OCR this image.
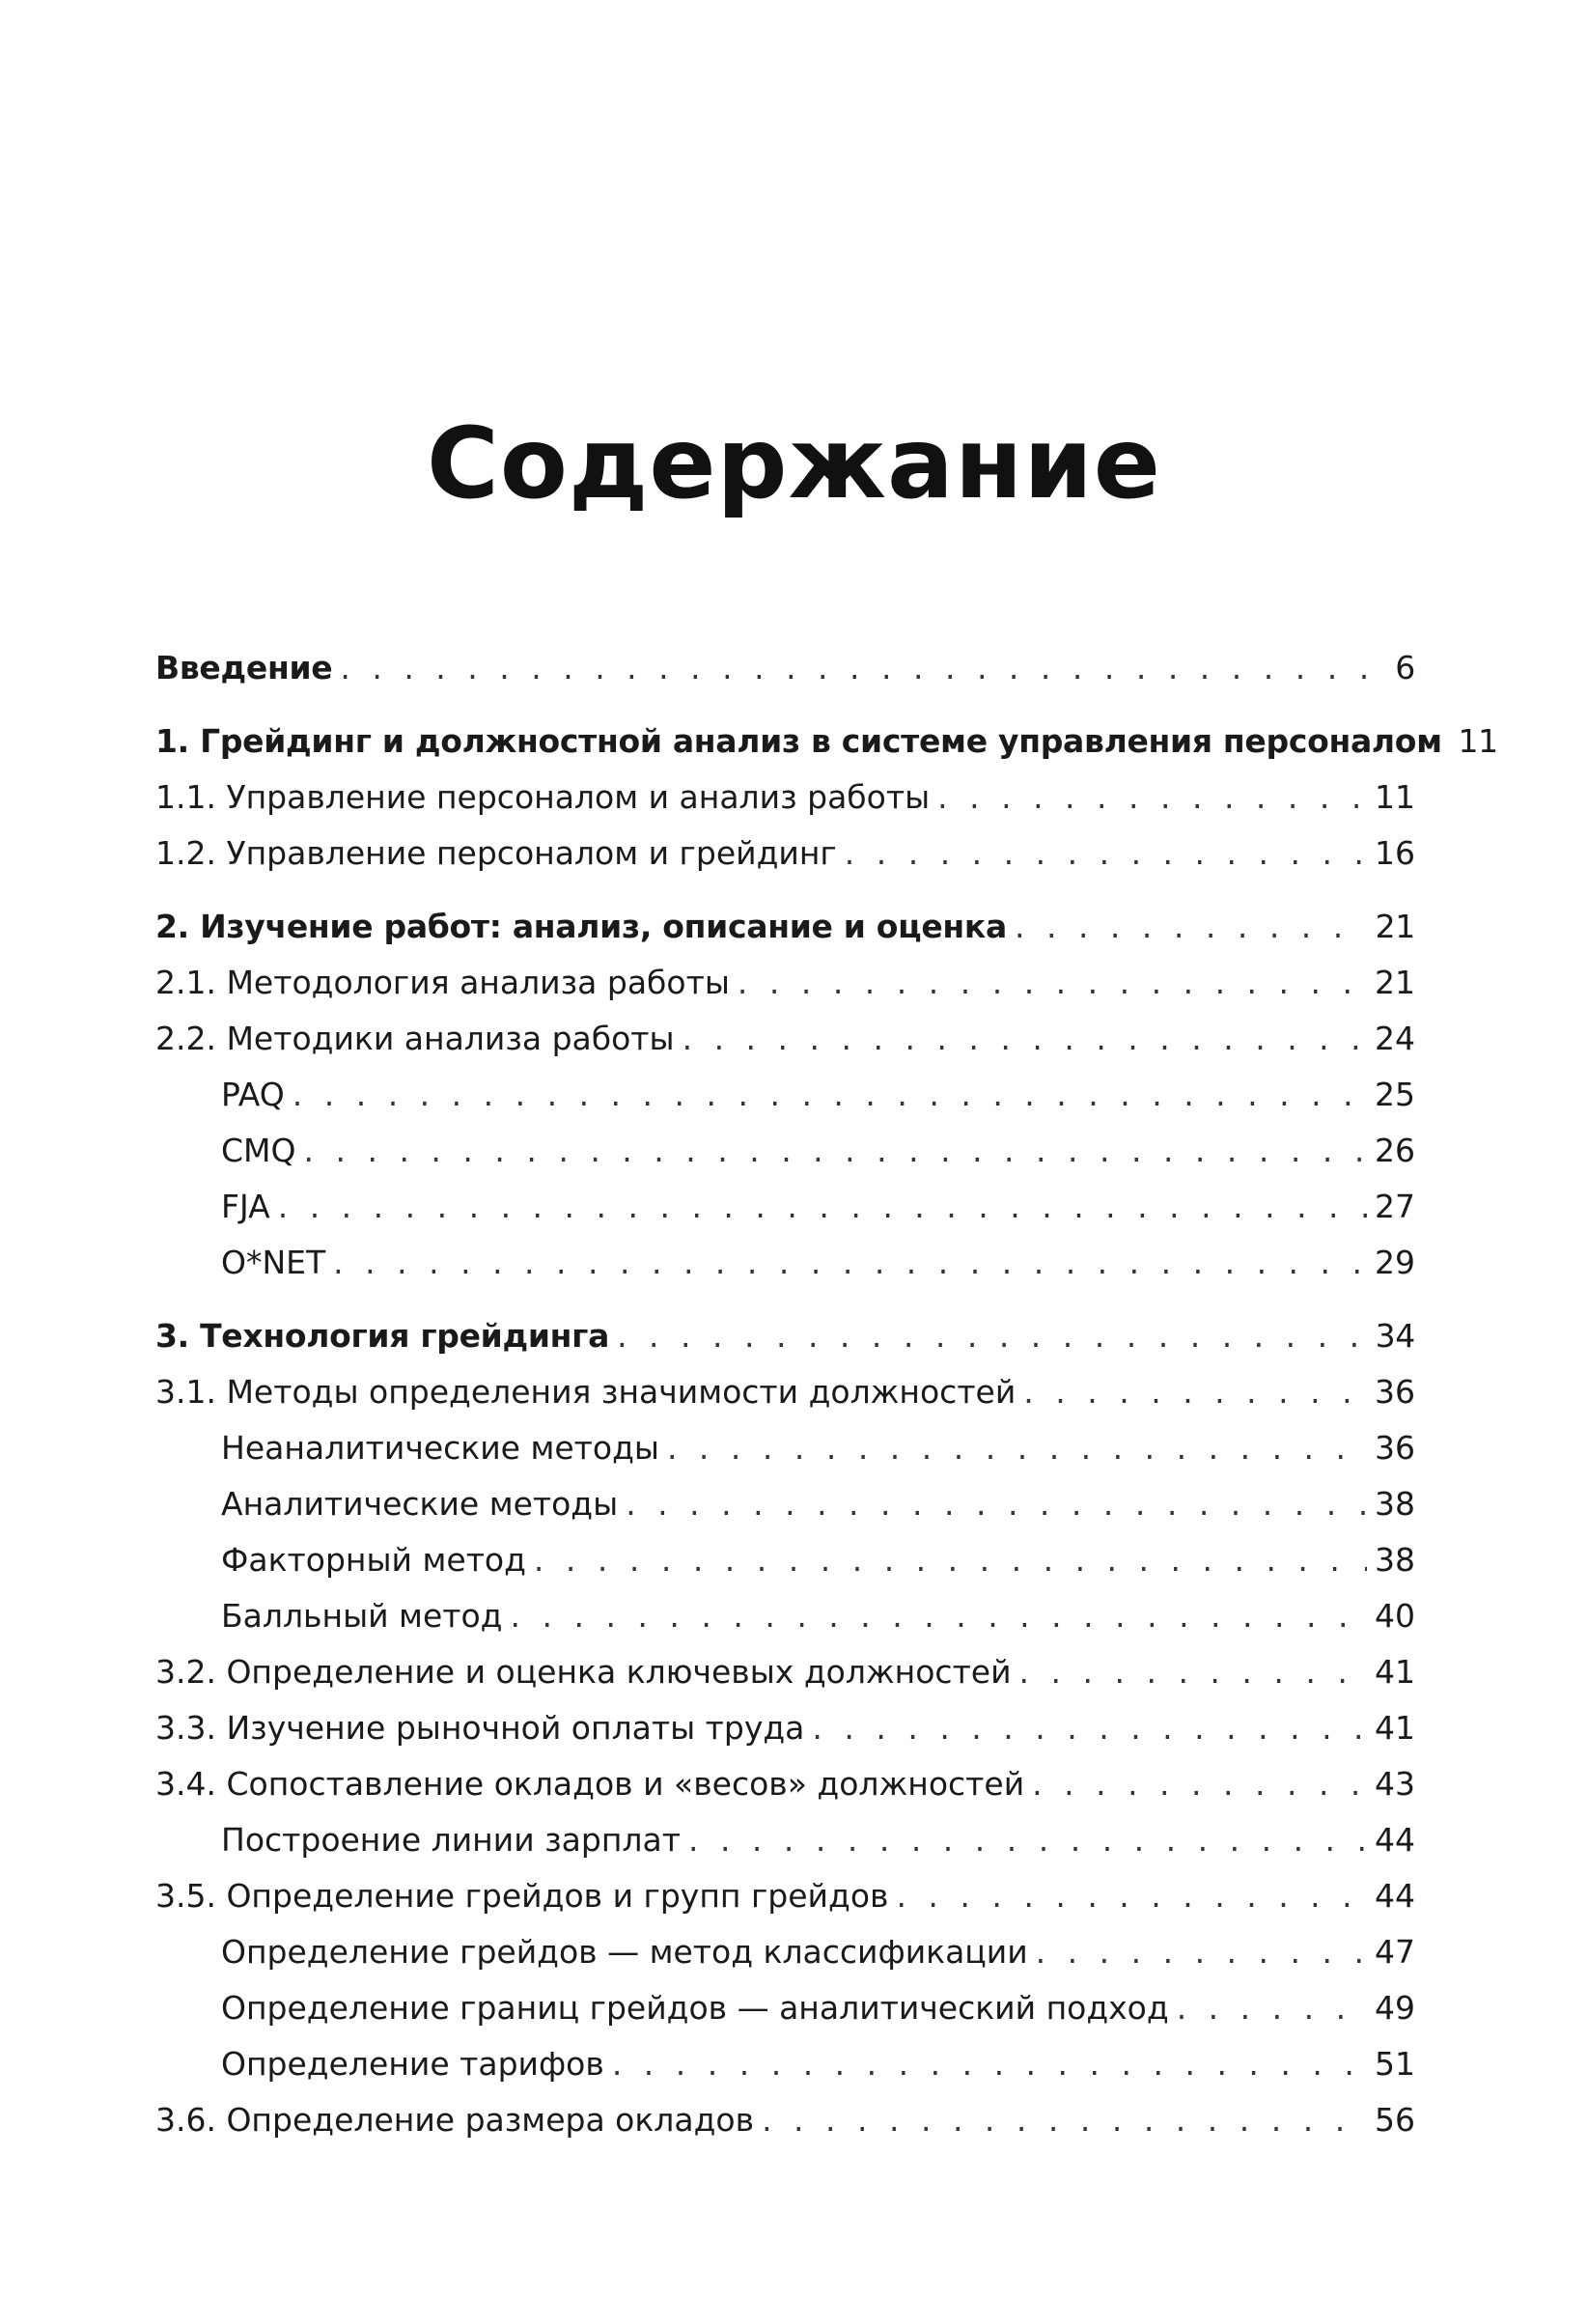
Содержание
Введение . . .	6
1. Грейдинг и должностной анализ в системе управления персоналом 11
1.1. Управление персоналом и анализ работы . . .	11
1.2. Управление персоналом и грейдинг . . .	16
2. Изучение работ: анализ, описание и оценка . . .	21
2.1. Методология анализа работы . . .	21
2.2. Методики анализа работы . . .	24
PAQ . . .	25
CMQ . . .	26
FJA . . .	27
O*NET . . .	29
3. Технология грейдинга . . .	34
3.1. Методы определения значимости должностей . . .	36
Неаналитические методы . . .	36
Аналитические методы . . .	38
Факторный метод . . .	38
Балльный метод . . .	40
3.2. Определение и оценка ключевых должностей . . .	41
3.3. Изучение рыночной оплаты труда . . .	41
3.4. Сопоставление окладов и «весов» должностей . . .	43
Построение линии зарплат . . .	44
3.5. Определение грейдов и групп грейдов . . .	44
Определение грейдов — метод классификации . . .	47
Определение границ грейдов — аналитический подход . . .	49
Определение тарифов . . .	51
3.6. Определение размера окладов . . .	56
